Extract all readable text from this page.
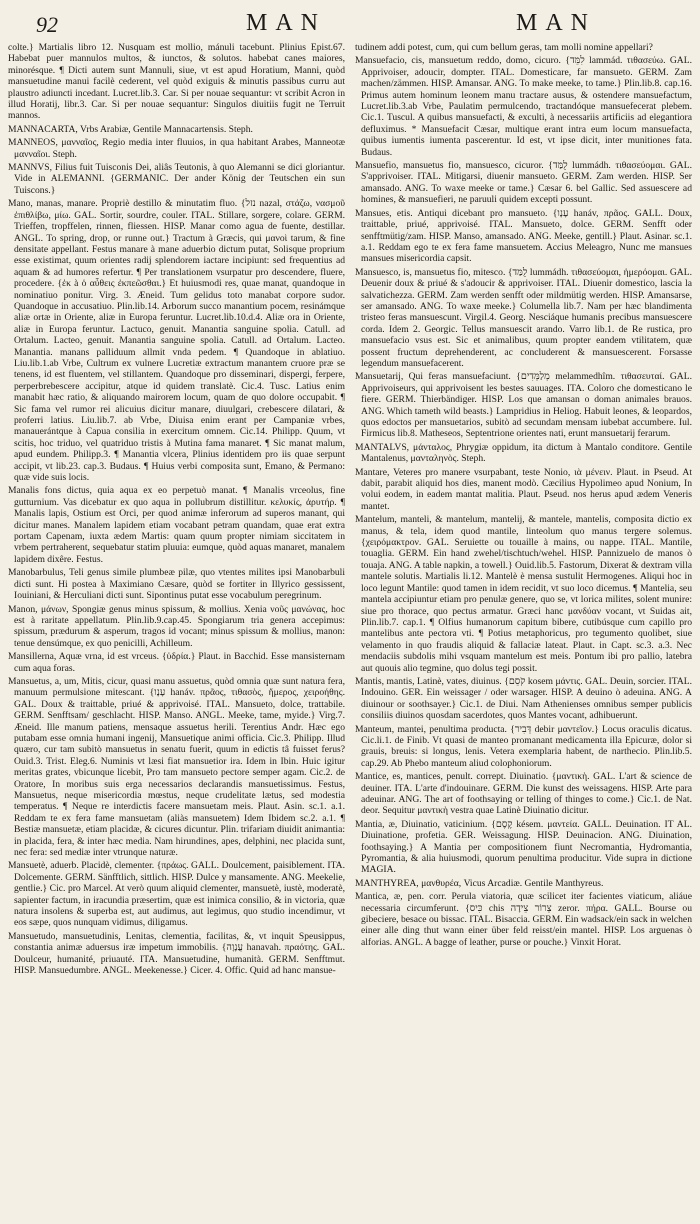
92	MAN	MAN

colte.} Martialis libro 12. Nusquam est mollio, mánuli tacebunt. Plinius Epist.67. Habebat puer mannulos multos, & iunctos, & solutos. habebat canes maiores, minorésque. ¶ Dicti autem sunt Mannuli, siue, vt est apud Horatium, Manni, quòd mansuetudine manui facilè cederent, vel quòd exiguis & minutis passibus curru aut plaustro adiuncti incedant. Lucret.lib.3. Car. Si per nouae sequantur: vt scribit Acron in illud Horatij, libr.3. Car. Si per nouae sequantur: Singulos diuitiis fugit ne Terruit mannos.

MANNACARTA, Vrbs Arabiæ, Gentile Mannacartensis. Steph.

MANNEOS, μανναῖος, Regio media inter fluuios, in qua habitant Arabes, Manneotæ μανναῖοι. Steph.

MANNVS, Filius fuit Tuisconis Dei, aliâs Teutonis, à quo Alemanni se dici gloriantur. Vide in ALEMANNI. {GERMANIC. Der ander König der Teutschen ein sun Tuiscons.}

Mano, manas, manare. Propriè destillo & minutatim fluo. {נזל nazal, στάζω, νασμοῦ ἐπιθλίβω, μίω. GAL. Sortir, sourdre, couler. ITAL. Stillare, sorgere, colare. GERM. Trieffen, tropffelen, rinnen, fliessen. HISP. Manar como agua de fuente, destillar. ANGL. To spring, drop, or runne out.} Tractum à Græcis, qui μανοὶ tarum, & fine densitate appellant. Festus manare à mane aduerbio dictum putat, Solisque proprium esse existimat, quum orientes radij splendorem iactare incipiunt: sed frequentius ad aquam & ad humores refertur. ¶ Per translationem vsurpatur pro descendere, fluere, procedere. {ἐκ à ὁ αὖθεις ἐκπεῶσθαι.} Et huiusmodi res, quae manat, quandoque in nominatiuo ponitur. Virg. 3. Æneid. Tum gelidus toto manabat corpore sudor. Quandoque in accusatiuo. Plin.lib.14. Arborum succo manantium pocem, resinámque aliæ ortæ in Oriente, aliæ in Europa feruntur. Lucret.lib.10.d.4. Aliæ ora in Oriente, aliæ in Europa feruntur. Lactuco, genuit. Manantia sanguine spolia. Catull. ad Ortalum. Lacteo, genuit. Manantia sanguine spolia. Catull. ad Ortalum. Lacteo. Manantia. manans palliduum allmit vnda pedem. ¶ Quandoque in ablatiuo. Liu.lib.1.ab Vrbe, Cultrum ex vulnere Lucretiæ extractum manantem cruore præ se tenens, id est fluentem, vel stillantem. Quandoque pro disseminari, dispergi, ferpere, perperbrebescere accipitur, atque id quidem translatè. Cic.4. Tusc. Latius enim manabit hæc ratio, & aliquando mairorem locum, quam de quo dolore occupabit. ¶ Sic fama vel rumor rei alicuius dicitur manare, diuulgari, crebescere dilatari, & proferri latius. Liu.lib.7. ab Vrbe, Diuisa enim erant per Campaniæ vrbes, manauerántque à Capua consilia in exercitum omnem. Cic.14. Philipp. Quum, vt scitis, hoc triduo, vel quatriduo tristis à Mutina fama manaret. ¶ Sic manat malum, apud eundem. Philipp.3. ¶ Manantia vlcera, Plinius identidem pro iis quae serpunt accipit, vt lib.23. cap.3. Budaus. ¶ Huius verbi composita sunt, Emano, & Permano: quæ vide suis locis.

Manalis fons dictus, quia aqua ex eo perpetuò manat. ¶ Manalis vrceolus, fine gutturnium. Vas dicebatur ex quo aqua in pollubrum distillitur. κελυκίς, ἀρυτήρ. ¶ Manalis lapis, Ostium est Orci, per quod animæ inferorum ad superos manant, qui dicitur manes. Manalem lapidem etiam vocabant petram quandam, quae erat extra portam Capenam, iuxta ædem Martis: quam quum propter nimiam siccitatem in vrbem pertraherent, sequebatur statim pluuia: eumque, quòd aquas manaret, manalem lapidem dixêre. Festus.

Manobarbulus, Teli genus simile plumbeæ pilæ, quo vtentes milites ipsi Manobarbuli dicti sunt. Hi postea à Maximiano Cæsare, quòd se fortiter in Illyrico gessissent, Iouiniani, & Herculiani dicti sunt. Sipontinus putat esse vocabulum peregrinum.

Manon, μάνων, Spongiæ genus minus spissum, & mollius. Xenia νοῦς μανώνας, hoc est à raritate appellatum. Plin.lib.9.cap.45. Spongiarum tria genera accepimus: spissum, prædurum & asperum, tragos id vocant; minus spissum & mollius, manon: tenue densúmque, ex quo penicilli, Achilleum.

Mansillerna, Aquæ vrna, id est vrceus. {ὑδρία.} Plaut. in Bacchid. Esse mansisternam cum aqua foras.

Mansuetus, a, um, Mitis, cicur, quasi manu assuetus, quòd omnia quæ sunt natura fera, manuum permulsione mitescant. {עָנָו hanáv. πρᾶος, τιθασὸς, ἥμερος, χειροήθης. GAL. Doux & traittable, priué & apprivoisé. ITAL. Mansueto, dolce, trattabile. GERM. Senfftsam/ geschlacht. HISP. Manso. ANGL. Meeke, tame, myide.} Virg.7. Æneid. Ille manum patiens, mensaque assuetus herili. Terentius Andr. Hæc ego putabam esse omnia humani ingenij, Mansuetique animi officia. Cic.3. Philipp. Illud quæro, cur tam subitò mansuetus in senatu fuerit, quum in edictis tâ fuisset ferus? Ouid.3. Trist. Eleg.6. Numinis vt læsi fiat mansuetior ira. Idem in Ibin. Huic igitur meritas grates, vbicunque licebit, Pro tam mansueto pectore semper agam. Cic.2. de Oratore, In moribus suis erga necessarios declarandis mansuetissimus. Festus, Mansuetus, neque misericordia mœstus, neque crudelitate lætus, sed modestia temperatus. ¶ Neque re interdictis facere mansuetam meis. Plaut. Asin. sc.1. a.1. Reddam te ex fera fame mansuetam (aliàs mansuetem) Idem Ibidem sc.2. a.1. ¶ Bestiæ mansuetæ, etiam placidæ, & cicures dicuntur. Plin. trifariam diuidit animantia: in placida, fera, & inter hæc media. Nam hirundines, apes, delphini, nec placida sunt, nec fera: sed mediæ inter vtrunque naturæ.

Mansuetè, aduerb. Placidè, clementer. {πράως. GALL. Doulcement, paisiblement. ITA. Dolcemente. GERM. Sänfftlich, sittlich. HISP. Dulce y mansamente. ANG. Meekelie, gentlie.} Cic. pro Marcel. At verò quum aliquid clementer, mansuetè, iustè, moderatè, sapienter factum, in iracundia præsertim, quæ est inimica consilio, & in victoria, quæ natura insolens & superba est, aut audimus, aut legimus, quo studio incendimur, vt eos sæpe, quos nunquam vidimus, diligamus.

Mansuetudo, mansuetudinis, Lenitas, clementia, facilitas, &, vt inquit Speusippus, constantia animæ aduersus iræ impetum immobilis. {עֲנָוָה hanavah. πραότης. GAL. Doulceur, humanité, priuauté. ITA. Mansuetudine, humanità. GERM. Senfftmut. HISP. Mansuedumbre. ANGL. Meekenesse.} Cicer. 4. Offic. Quid ad hanc mansue-

tudinem addi potest, cum, qui cum bellum geras, tam molli nomine appellari?

Mansuefacio, cis, mansuetum reddo, domo, cicuro. {לִמֵּד lammád. τιθασεύω. GAL. Apprivoiser, adoucir, dompter. ITAL. Domesticare, far mansueto. GERM. Zam machen/zämmen. HISP. Amansar. ANG. To make meeke, to tame.} Plin.lib.8. cap.16. Primus autem hominum leonem manu tractare ausus, & ostendere mansuefactum, Lucret.lib.3.ab Vrbe, Paulatim permulcendo, tractandóque mansuefecerat plebem. Cic.1. Tuscul. A quibus mansuefacti, & exculti, à necessariis artificiis ad elegantiora defluximus. * Mansuefacit Cæsar, multique erant intra eum locum mansuefacta, quibus iumentis iumenta pascerentur. Id est, vt ipse dicit, inter munitiones fata. Budaus.

Mansuefio, mansuetus fio, mansuesco, cicuror. {לֻמַּד lummádh. τιθασεύομαι. GAL. S'apprivoiser. ITAL. Mitigarsi, diuenir mansueto. GERM. Zam werden. HISP. Ser amansado. ANG. To waxe meeke or tame.} Cæsar 6. bel Gallic. Sed assuescere ad homines, & mansuefieri, ne paruuli quidem excepti possunt.

Mansues, etis. Antiqui dicebant pro mansueto. {עָנָו hanáv, πρᾶος. GALL. Doux, traittable, priué, apprivoisé. ITAL. Mansueto, dolce. GERM. Senfft oder senfftmütig/zam. HISP. Manso, amansado. ANG. Meeke, gentill.} Plaut. Asinar. sc.1. a.1. Reddam ego te ex fera fame mansuetem. Accius Meleagro, Nunc me mansues mansues misericordia capsit.

Mansuesco, is, mansuetus fio, mitesco. {לֻמַּד lummádh. τιθασεύομαι, ἡμερόομαι. GAL. Deuenir doux & priué & s'adoucir & apprivoiser. ITAL. Diuenir domestico, lascia la salvatichezza. GERM. Zam werden senfft oder mildmütig werden. HISP. Amansarse, ser amansado. ANG. To waxe meeke.} Columella lib.7. Nam per hæc blandimenta tristeo feras mansuescunt. Virgil.4. Georg. Nesciáque humanis precibus mansuescere corda. Idem 2. Georgic. Tellus mansuescit arando. Varro lib.1. de Re rustica, pro mansuefacio vsus est. Sic et animalibus, quum propter eandem vtilitatem, quæ possent fructum deprehenderent, ac concluderent & mansuescerent. Forsasse legendum mansuefacerent.

Mansuetarij, Qui feras mansuefaciunt. {מְלַמְּדִים melammedhîm. τιθασευταί. GAL. Apprivoiseurs, qui apprivoisent les bestes sauuages. ITA. Coloro che domesticano le fiere. GERM. Thierbändiger. HISP. Los que amansan o doman animales brauos. ANG. Which tameth wild beasts.} Lampridius in Heliog. Habuit leones, & leopardos, quos edoctos per mansuetarios, subitò ad secundam mensam iubebat accumbere. Iul. Firmicus lib.8. Matheseos, Septentrione orientes nati, erunt mansuetarij ferarum.

MANTALVS, μάνταλος, Phrygiæ oppidum, ita dictum à Mantalo conditore. Gentile Mantalenus, μανταληνὸς. Steph.

Mantare, Veteres pro manere vsurpabant, teste Nonio, ιὰ μένειν. Plaut. in Pseud. At dabit, parabit aliquid hos dies, manent modò. Cæcilius Hypolimeo apud Nonium, In volui eodem, in eadem mantat malitia. Plaut. Pseud. nos herus apud ædem Veneris mantet.

Mantelum, manteli, & mantelum, mantelij, & mantele, mantelis, composita dictio ex manus, & tela, idem quod mantile, linteolum quo manus tergere solemus. {χειρόμακτρον. GAL. Seruiette ou touaille à mains, ou nappe. ITAL. Mantile, touaglia. GERM. Ein hand zwehel/tischtuch/wehel. HISP. Pannizuelo de manos ò touaja. ANG. A table napkin, a towell.} Ouid.lib.5. Fastorum, Dixerat & dextram villa mantele solutis. Martialis li.12. Mantelè è mensa sustulit Hermogenes. Aliqui hoc in loco legunt Mantile: quod tamen in idem recidit, vt suo loco dicemus. ¶ Mantelia, seu mantela accipiuntur etiam pro penulæ genere, quo se, vt lorica milites, solent munire: siue pro thorace, quo pectus armatur. Græci hanc μανδύαν vocant, vt Suidas ait, Plin.lib.7. cap.1. ¶ Olfius humanorum capitum bibere, cutibúsque cum capillo pro mantelibus ante pectora vti. ¶ Potius metaphoricus, pro tegumento quolibet, siue velamento in quo fraudis aliquid & fallaciæ lateat. Plaut. in Capt. sc.3. a.3. Nec mendaciis subdolis mihi vsquam mantelum est meis. Pontum ibi pro pallio, latebra aut quouis alio tegmine, quo dolus tegi possit.

Mantis, mantis, Latinè, vates, diuinus. {קֹסֵם kosem μάντις. GAL. Deuin, sorcier. ITAL. Indouino. GER. Ein weissager / oder warsager. HISP. A deuino ò adeuina. ANG. A diuinour or soothsayer.} Cic.1. de Diui. Nam Athenienses omnibus semper publicis consiliis diuinos quosdam sacerdotes, quos Mantes vocant, adhibuerunt.

Manteum, mantei, penultima producta. {דְּבִיר debir μαντεῖον.} Locus oraculis dicatus. Cic.li.1. de Finib. Vt quasi de manteo promanant medicamenta illa Epicuræ, dolor si grauis, breuis: si longus, lenis. Vetera exemplaria habent, de narthecio. Plin.lib.5. cap.29. Ab Phebo manteum aliud colophoniorum.

Mantice, es, mantices, penult. corrept. Diuinatio. {μαντικὴ. GAL. L'art & science de deuiner. ITA. L'arte d'indouinare. GERM. Die kunst des weissagens. HISP. Arte para adeuinar. ANG. The art of foothsaying or telling of thinges to come.} Cic.1. de Nat. deor. Sequitur μαντικὴ vestra quae Latinè Diuinatio dicitur.

Mantia, æ, Diuinatio, vaticinium. {קֶסֶם késem. μαντεία. GALL. Deuination. IT AL. Diuinatione, profetia. GER. Weissagung. HISP. Deuinacion. ANG. Diuination, foothsaying.} A Mantia per compositionem fiunt Necromantia, Hydromantia, Pyromantia, & alia huiusmodi, quorum penultima producitur. Vide supra in dictione MAGIA.

MANTHYREA, μανθυρέα, Vicus Arcadiæ. Gentile Manthyreus.

Mantica, æ, pen. corr. Perula viatoria, quæ scilicet iter facientes viaticum, aliáue necessaria circumferunt. {כִּיס chis צְרוֹר צֵידָה zeror. πήρα. GALL. Bourse ou gibeciere, besace ou bissac. ITAL. Bisaccia. GERM. Ein wadsack/ein sack in welchen einer alle ding thut wann einer über feld reisst/ein mantel. HISP. Los arguenas ò alforias. ANGL. A bagge of leather, purse or pouche.} Vinxit Horat.
